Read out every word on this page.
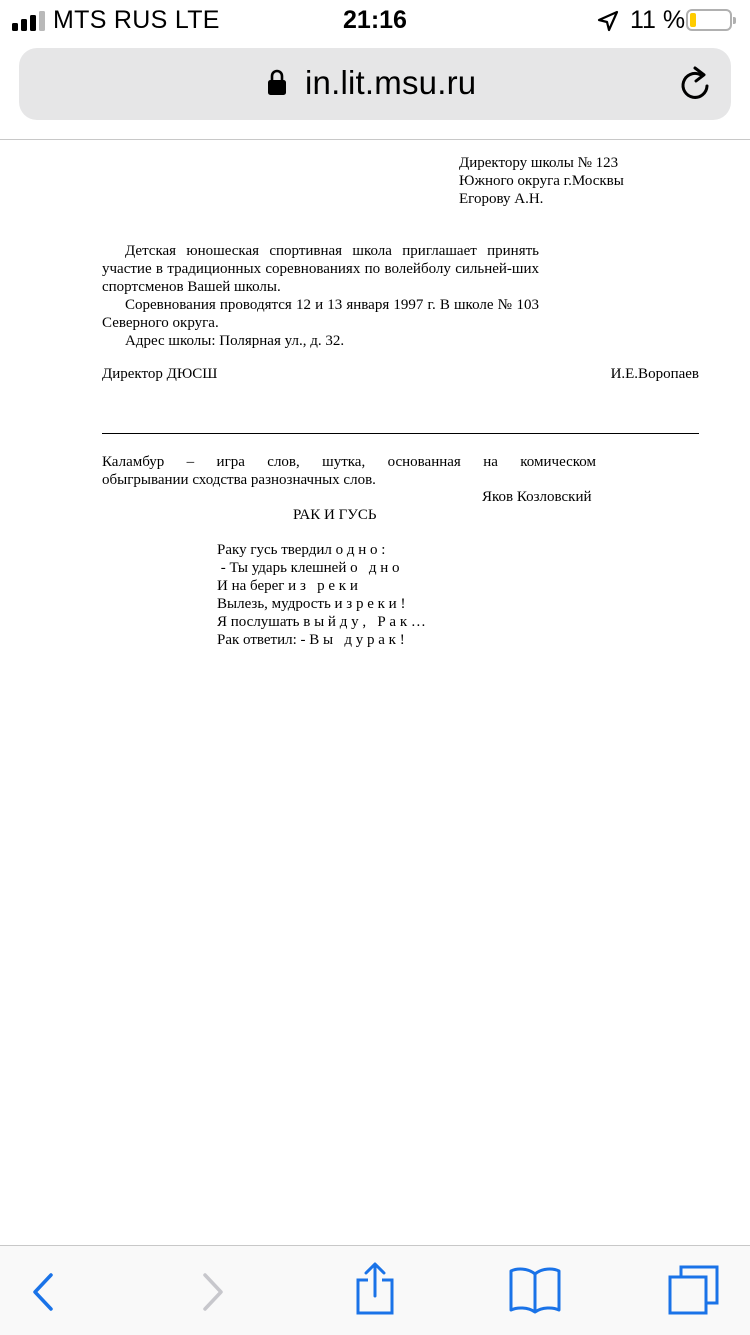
MTS RUS LTE	21:16	11 %
in.lit.msu.ru
Директору школы № 123
Южного округа г.Москвы
Егорову А.Н.

Детская юношеская спортивная школа приглашает принять участие в традиционных соревнованиях по волейболу сильней-ших спортсменов Вашей школы.

Соревнования проводятся 12 и 13 января 1997 г. В школе № 103 Северного округа.

Адрес школы: Полярная ул., д. 32.

Директор ДЮСШ	И.Е.Воропаев
Каламбур – игра слов, шутка, основанная на комическом
обыгрывании сходства разнозначных слов.
Яков Козловский
РАК И ГУСЬ
Раку гусь твердил о д н о :
- Ты ударь клешней о   д н о
И на берег и з   р е к и
Вылезь, мудрость и з р е к и !
Я послушать в ы й д у ,   Р а к …
Рак ответил: - В ы   д у р а к !
